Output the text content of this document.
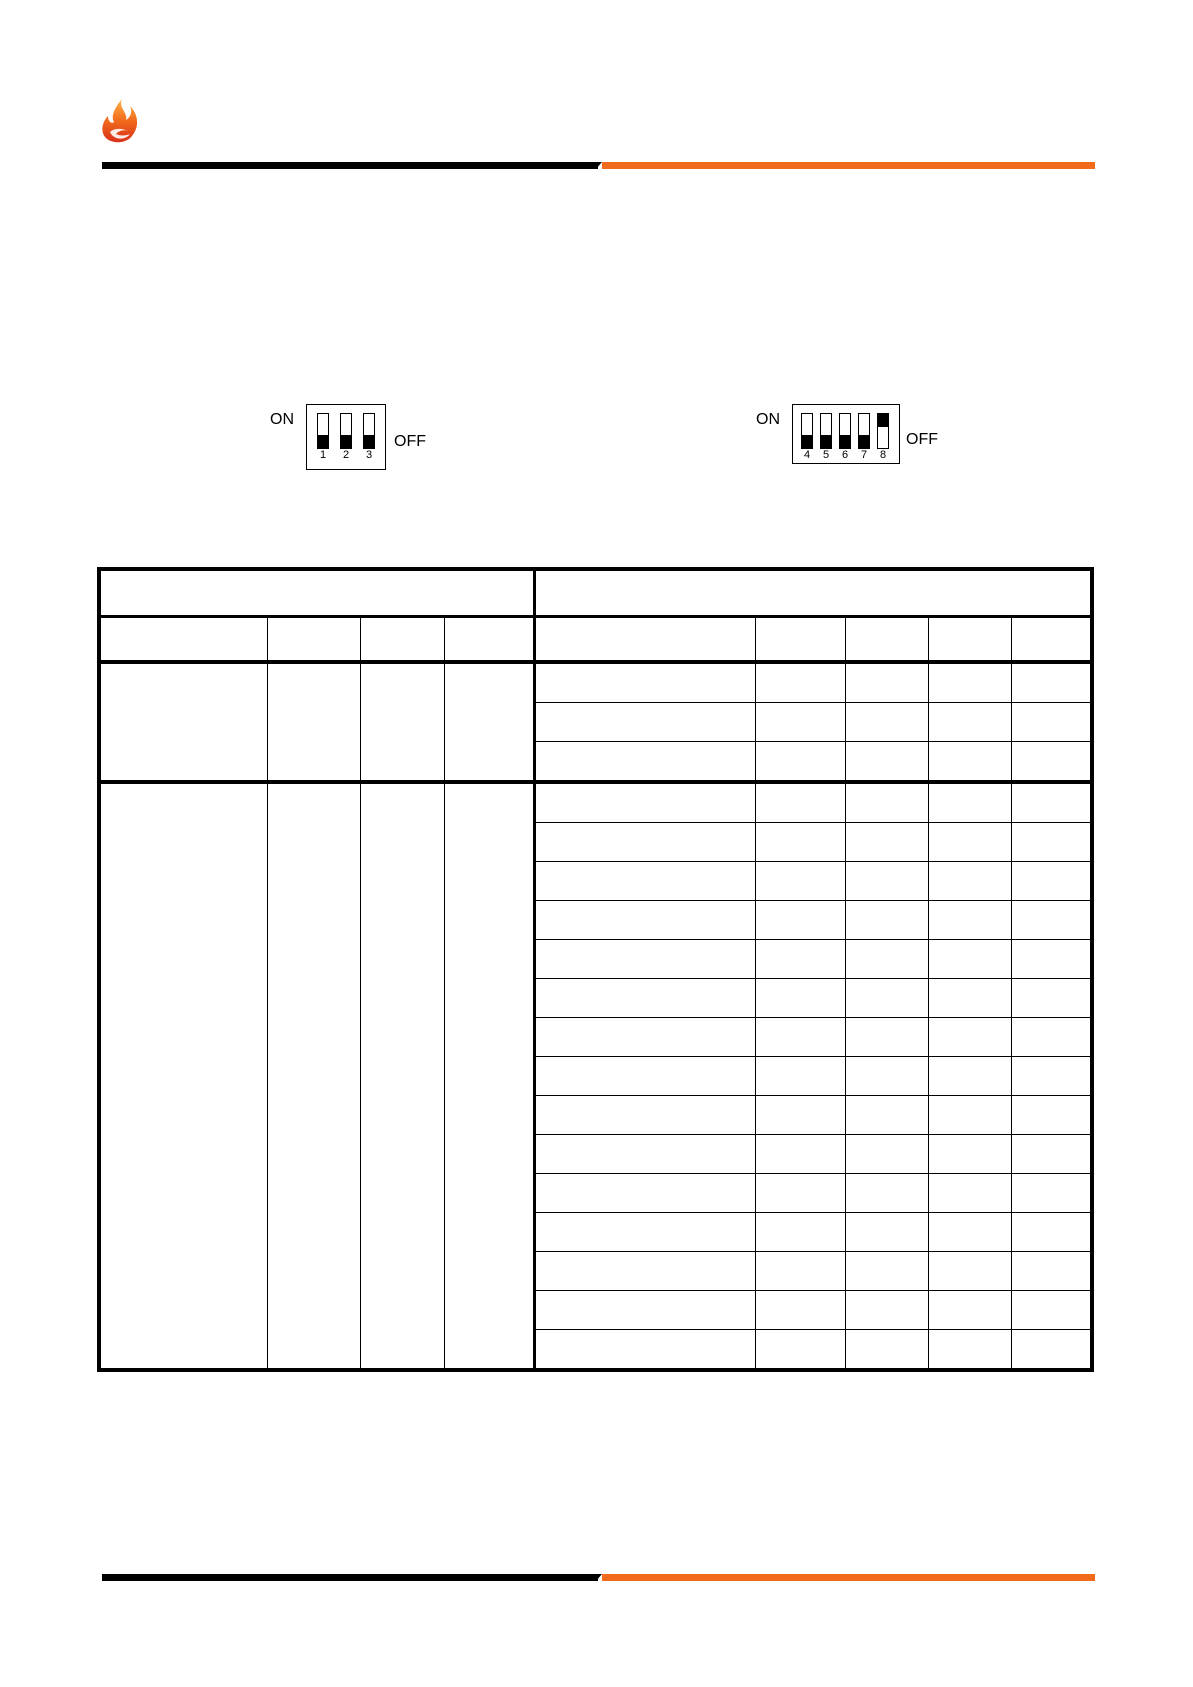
ON
1 2 3
OFF
ON
4 5 6 7 8
OFF
